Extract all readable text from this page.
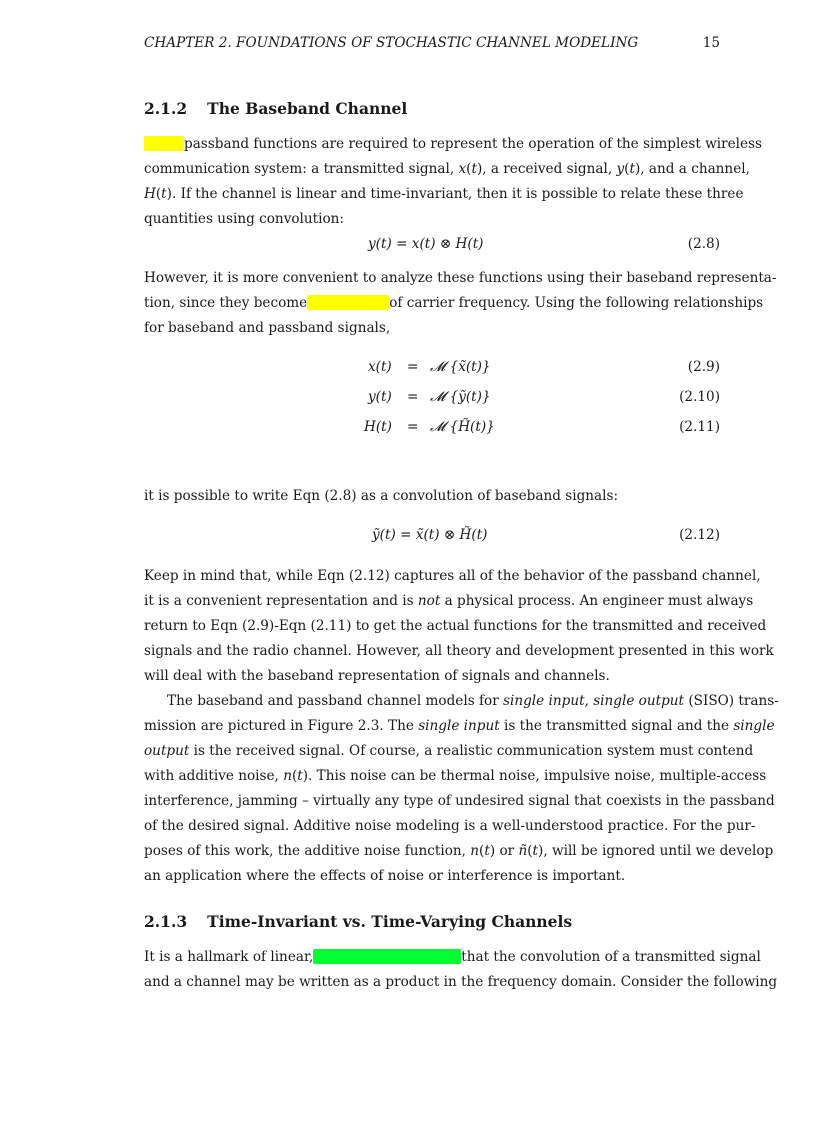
CHAPTER 2. FOUNDATIONS OF STOCHASTIC CHANNEL MODELING	15
2.1.2 The Baseband Channel
passband functions are required to represent the operation of the simplest wireless
communication system: a transmitted signal, x(t), a received signal, y(t), and a channel,
H(t). If the channel is linear and time-invariant, then it is possible to relate these three
quantities using convolution:
y(t) = x(t) ⊗ H(t)	(2.8)
However, it is more convenient to analyze these functions using their baseband representa-
tion, since they become	of carrier frequency. Using the following relationships
for baseband and passband signals,
x(t) = 𝓜 {x̃(t)}	(2.9)
y(t) = 𝓜 {ỹ(t)}	(2.10)
H(t) = 𝓜 {H̃(t)}	(2.11)
it is possible to write Eqn (2.8) as a convolution of baseband signals:
ỹ(t) = x̃(t) ⊗ H̃(t)	(2.12)
Keep in mind that, while Eqn (2.12) captures all of the behavior of the passband channel,
it is a convenient representation and is not a physical process. An engineer must always
return to Eqn (2.9)-Eqn (2.11) to get the actual functions for the transmitted and received
signals and the radio channel. However, all theory and development presented in this work
will deal with the baseband representation of signals and channels.
The baseband and passband channel models for single input, single output (SISO) trans-
mission are pictured in Figure 2.3. The single input is the transmitted signal and the single
output is the received signal. Of course, a realistic communication system must contend
with additive noise, n(t). This noise can be thermal noise, impulsive noise, multiple-access
interference, jamming – virtually any type of undesired signal that coexists in the passband
of the desired signal. Additive noise modeling is a well-understood practice. For the pur-
poses of this work, the additive noise function, n(t) or ñ(t), will be ignored until we develop
an application where the effects of noise or interference is important.
2.1.3 Time-Invariant vs. Time-Varying Channels
It is a hallmark of linear,	that the convolution of a transmitted signal
and a channel may be written as a product in the frequency domain. Consider the following
